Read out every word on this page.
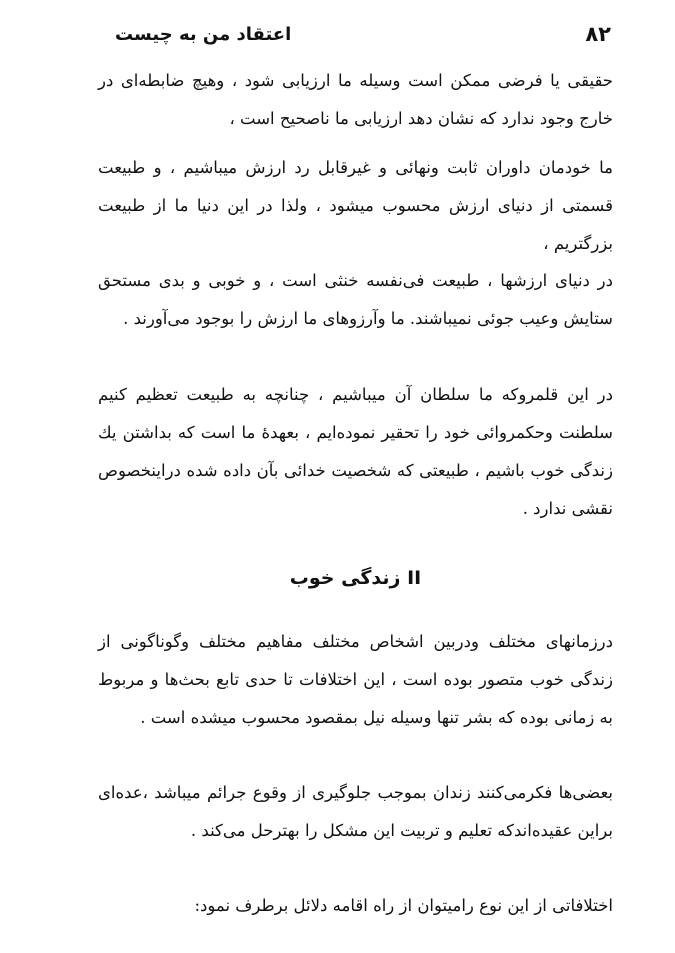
۸۲
اعتقاد من به چیست

حقیقی یا فرضی ممکن است وسیله ما ارزیابی شود ، وهیچ ضابطه‌ای در خارج وجود ندارد که نشان دهد ارزیابی ما ناصحیح است ،

ما خودمان داوران ثابت ونهائی و غیرقابل رد ارزش میباشیم ، و طبیعت قسمتی از دنیای ارزش محسوب میشود ، ولذا در این دنیا ما از طبیعت بزرگتریم ،

در دنیای ارزشها ، طبیعت فی‌نفسه خنثی است ، و خوبی و بدی مستحق ستایش وعیب جوئی نمیباشند. ما وآرزوهای ما ارزش را بوجود می‌آورند .

در این قلمروکه ما سلطان آن میباشیم ، چنانچه به طبیعت تعظیم کنیم سلطنت وحکمروائی خود را تحقیر نموده‌ایم ، بعهدهٔ ما است که بداشتن یك زندگی خوب باشیم ، طبیعتی که شخصیت خدائی بآن داده شده دراینخصوص نقشی ندارد .

II زندگی خوب

درزمانهای مختلف ودربین اشخاص مختلف مفاهیم مختلف وگوناگونی از زندگی خوب متصور بوده است ، این اختلافات تا حدی تابع بحث‌ها و مربوط به زمانی بوده که بشر تنها وسیله نیل بمقصود محسوب میشده است .

بعضی‌ها فکرمی‌کنند زندان بموجب جلوگیری از وقوع جرائم میباشد ،عده‌ای براین عقیده‌اندکه تعلیم و تربیت این مشکل را بهترحل می‌کند .

اختلافاتی از این نوع رامیتوان از راه اقامه دلائل برطرف نمود:
